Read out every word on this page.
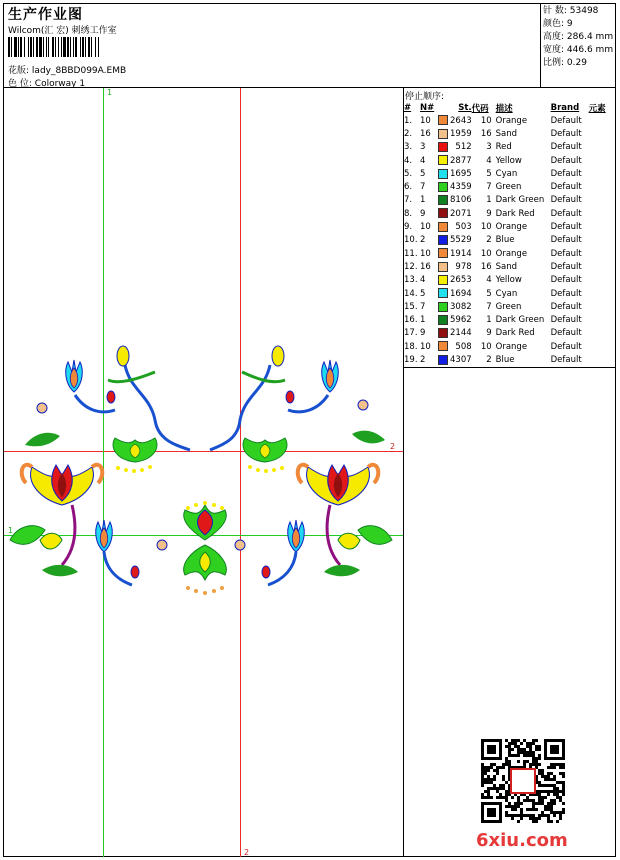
生产作业图
Wilcom(汇 宏) 刺绣工作室
花版: lady_8BBD099A.EMB
色 位: Colorway 1
针 数: 53498
颜色: 9
高度: 286.4 mm
宽度: 446.6 mm
比例: 0.29
停止顺序:
#	N#		St.	代码	描述	Brand	元素
1.	10		2643	10	Orange	Default	
2.	16		1959	16	Sand	Default	
3.	3		512	3	Red	Default	
4.	4		2877	4	Yellow	Default	
5.	5		1695	5	Cyan	Default	
6.	7		4359	7	Green	Default	
7.	1		8106	1	Dark Green	Default	
8.	9		2071	9	Dark Red	Default	
9.	10		503	10	Orange	Default	
10.	2		5529	2	Blue	Default	
11.	10		1914	10	Orange	Default	
12.	16		978	16	Sand	Default	
13.	4		2653	4	Yellow	Default	
14.	5		1694	5	Cyan	Default	
15.	7		3082	7	Green	Default	
16.	1		5962	1	Dark Green	Default	
17.	9		2144	9	Dark Red	Default	
18.	10		508	10	Orange	Default	
19.	2		4307	2	Blue	Default	
1
1
2
2
6xiu.com
